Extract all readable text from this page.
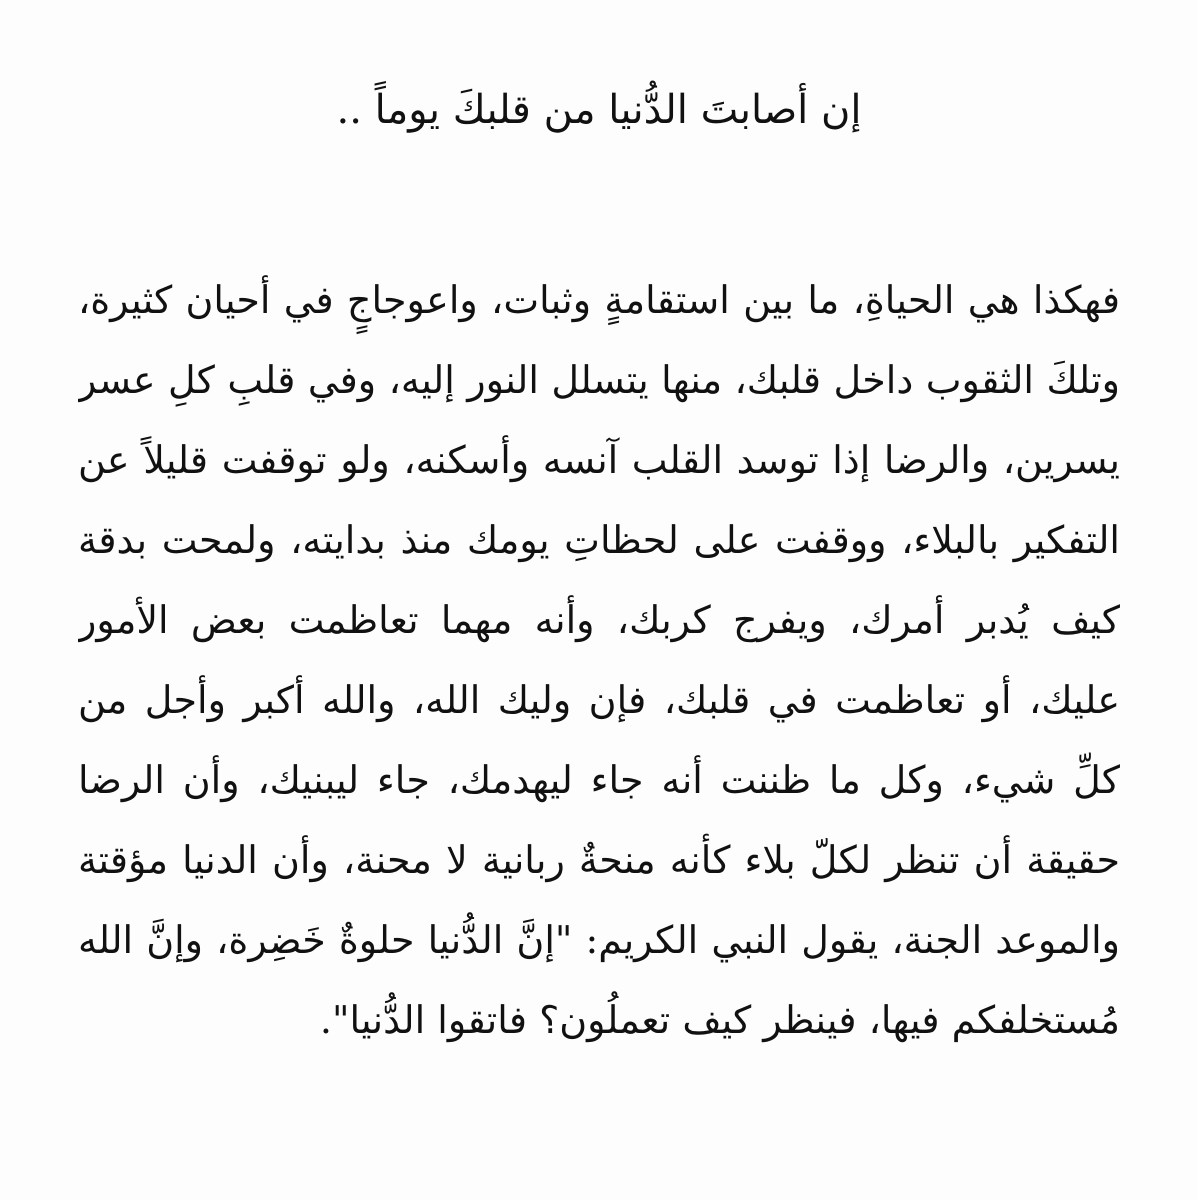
إن أصابتَ الدُّنيا من قلبكَ يوماً ..
فهكذا هي الحياةِ، ما بين استقامةٍ وثبات، واعوجاجٍ في أحيان كثيرة،
وتلكَ الثقوب داخل قلبك، منها يتسلل النور إليه، وفي قلبِ كلِ عسر
يسرين، والرضا إذا توسد القلب آنسه وأسكنه، ولو توقفت قليلاً عن
التفكير بالبلاء، ووقفت على لحظاتِ يومك منذ بدايته، ولمحت بدقة
كيف يُدبر أمرك، ويفرج كربك، وأنه مهما تعاظمت بعض الأمور
عليك، أو تعاظمت في قلبك، فإن وليك الله، والله أكبر وأجل من
كلِّ شيء، وكل ما ظننت أنه جاء ليهدمك، جاء ليبنيك، وأن الرضا
حقيقة أن تنظر لكلّ بلاء كأنه منحةٌ ربانية لا محنة، وأن الدنيا مؤقتة
والموعد الجنة، يقول النبي الكريم: "إنَّ الدُّنيا حلوةٌ خَضِرة، وإنَّ الله
مُستخلفكم فيها، فينظر كيف تعملُون؟ فاتقوا الدُّنيا".
